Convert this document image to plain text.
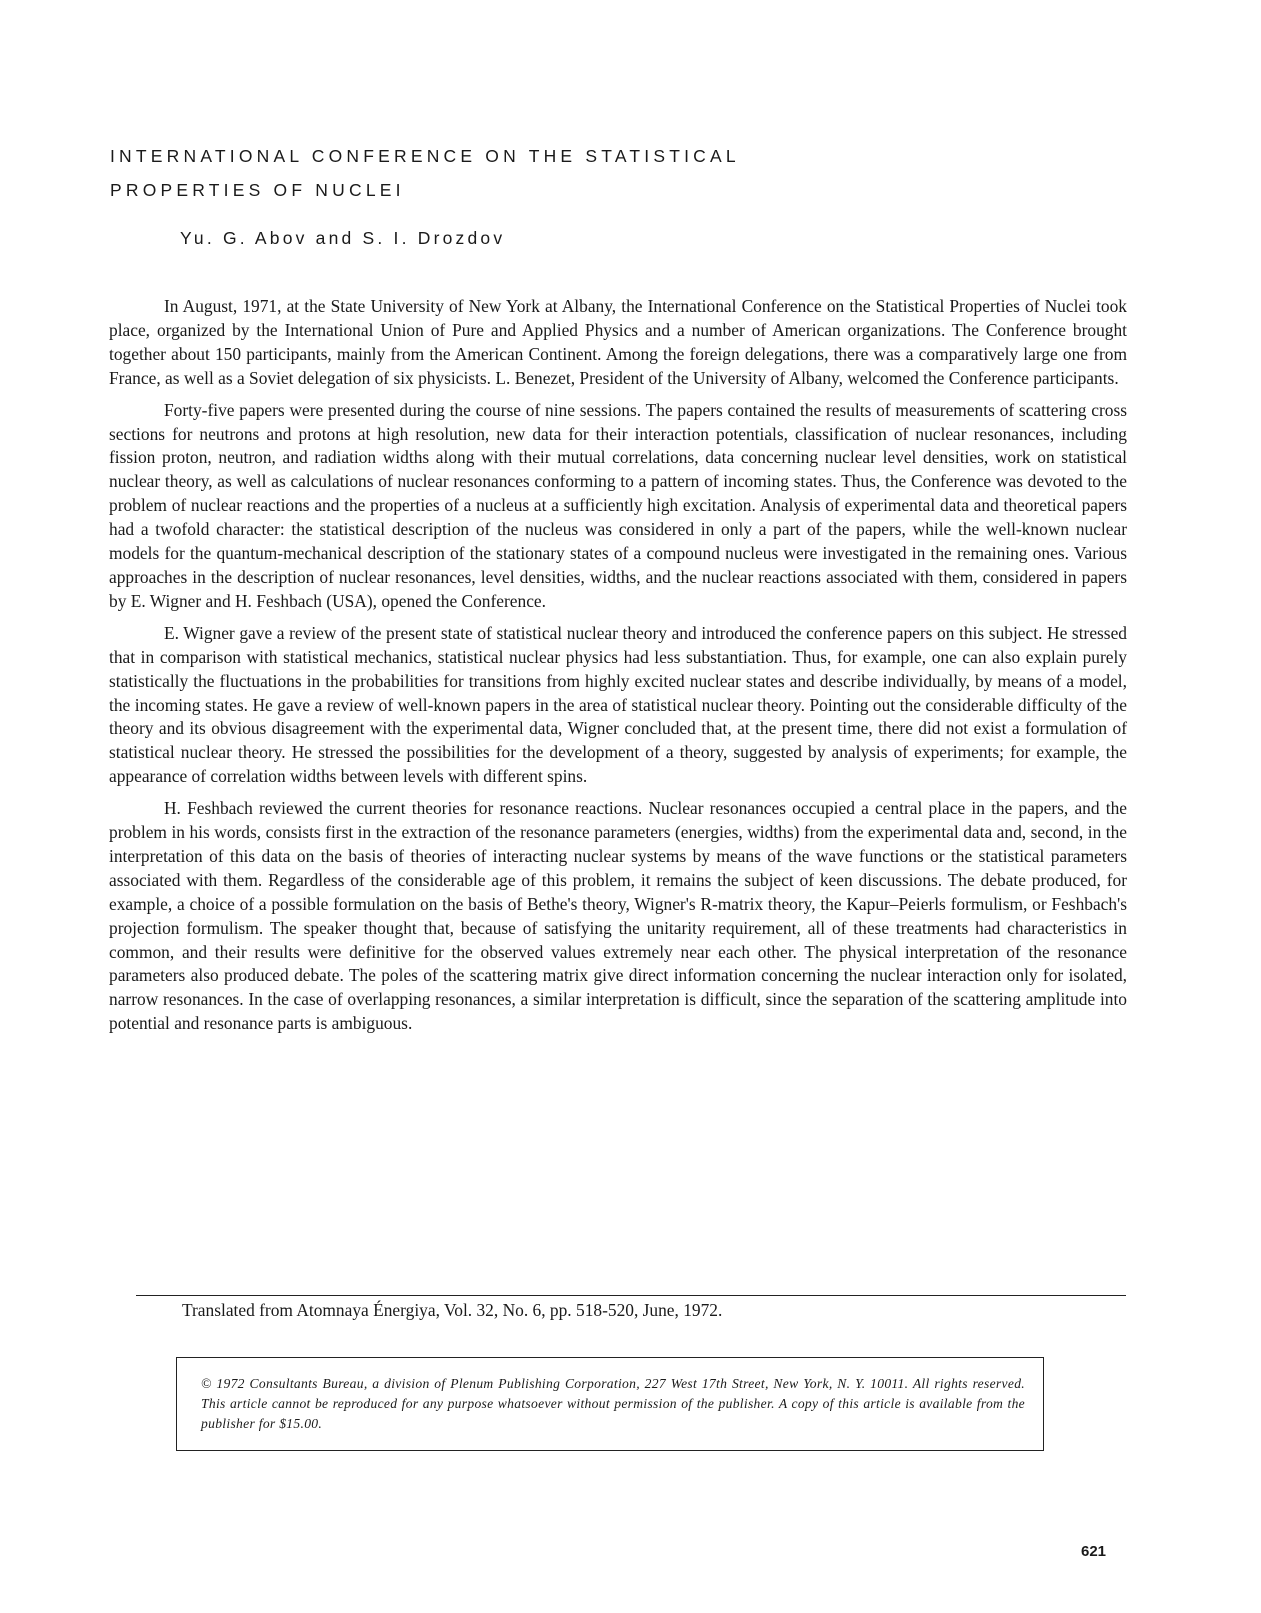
INTERNATIONAL CONFERENCE ON THE STATISTICAL
PROPERTIES OF NUCLEI

Yu. G. Abov and S. I. Drozdov

In August, 1971, at the State University of New York at Albany, the International Conference on the Statistical Properties of Nuclei took place, organized by the International Union of Pure and Applied Physics and a number of American organizations. The Conference brought together about 150 participants, mainly from the American Continent. Among the foreign delegations, there was a comparatively large one from France, as well as a Soviet delegation of six physicists. L. Benezet, President of the University of Albany, welcomed the Conference participants.

Forty-five papers were presented during the course of nine sessions. The papers contained the results of measurements of scattering cross sections for neutrons and protons at high resolution, new data for their interaction potentials, classification of nuclear resonances, including fission proton, neutron, and radiation widths along with their mutual correlations, data concerning nuclear level densities, work on statistical nuclear theory, as well as calculations of nuclear resonances conforming to a pattern of incoming states. Thus, the Conference was devoted to the problem of nuclear reactions and the properties of a nucleus at a sufficiently high excitation. Analysis of experimental data and theoretical papers had a twofold character: the statistical description of the nucleus was considered in only a part of the papers, while the well-known nuclear models for the quantum-mechanical description of the stationary states of a compound nucleus were investigated in the remaining ones. Various approaches in the description of nuclear resonances, level densities, widths, and the nuclear reactions associated with them, considered in papers by E. Wigner and H. Feshbach (USA), opened the Conference.

E. Wigner gave a review of the present state of statistical nuclear theory and introduced the conference papers on this subject. He stressed that in comparison with statistical mechanics, statistical nuclear physics had less substantiation. Thus, for example, one can also explain purely statistically the fluctuations in the probabilities for transitions from highly excited nuclear states and describe individually, by means of a model, the incoming states. He gave a review of well-known papers in the area of statistical nuclear theory. Pointing out the considerable difficulty of the theory and its obvious disagreement with the experimental data, Wigner concluded that, at the present time, there did not exist a formulation of statistical nuclear theory. He stressed the possibilities for the development of a theory, suggested by analysis of experiments; for example, the appearance of correlation widths between levels with different spins.

H. Feshbach reviewed the current theories for resonance reactions. Nuclear resonances occupied a central place in the papers, and the problem in his words, consists first in the extraction of the resonance parameters (energies, widths) from the experimental data and, second, in the interpretation of this data on the basis of theories of interacting nuclear systems by means of the wave functions or the statistical parameters associated with them. Regardless of the considerable age of this problem, it remains the subject of keen discussions. The debate produced, for example, a choice of a possible formulation on the basis of Bethe's theory, Wigner's R-matrix theory, the Kapur–Peierls formulism, or Feshbach's projection formulism. The speaker thought that, because of satisfying the unitarity requirement, all of these treatments had characteristics in common, and their results were definitive for the observed values extremely near each other. The physical interpretation of the resonance parameters also produced debate. The poles of the scattering matrix give direct information concerning the nuclear interaction only for isolated, narrow resonances. In the case of overlapping resonances, a similar interpretation is difficult, since the separation of the scattering amplitude into potential and resonance parts is ambiguous.

Translated from Atomnaya Énergiya, Vol. 32, No. 6, pp. 518-520, June, 1972.

© 1972 Consultants Bureau, a division of Plenum Publishing Corporation, 227 West 17th Street, New York, N. Y. 10011. All rights reserved. This article cannot be reproduced for any purpose whatsoever without permission of the publisher. A copy of this article is available from the publisher for $15.00.

621
